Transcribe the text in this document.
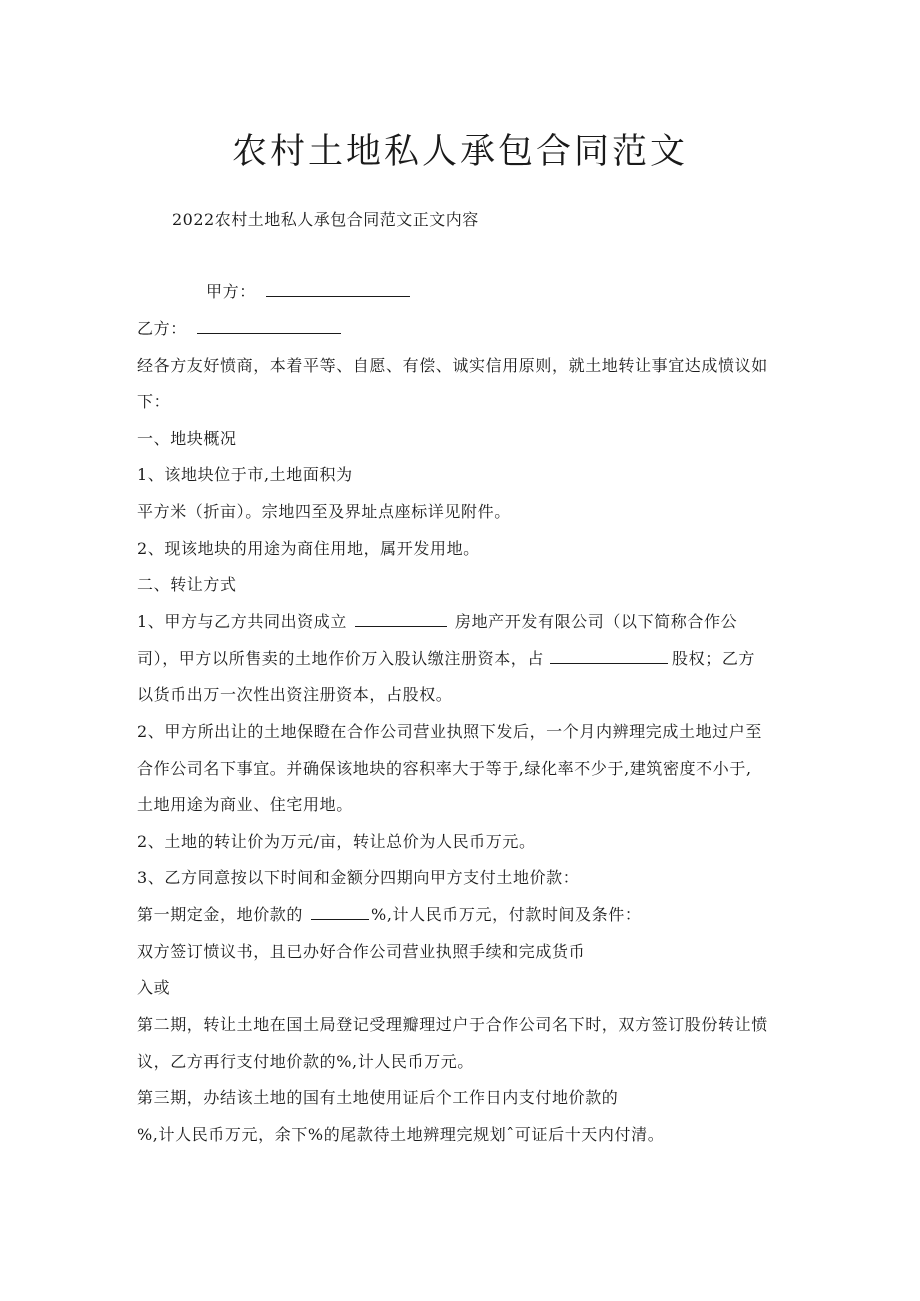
农村土地私人承包合同范文
2022农村土地私人承包合同范文正文内容
甲方：
乙方：
经各方友好愤商，本着平等、自愿、有偿、诚实信用原则，就土地转让事宜达成愤议如
下：
一、地块概况
1、该地块位于市,土地面积为
平方米（折亩）。宗地四至及界址点座标详见附件。
2、现该地块的用途为商住用地，属开发用地。
二、转让方式
1、甲方与乙方共同出资成立	房地产开发有限公司（以下简称合作公
司），甲方以所售卖的土地作价万入股认缴注册资本，占	股权；乙方
以货币出万一次性出资注册资本，占股权。
2、甲方所出让的土地保瞪在合作公司营业执照下发后，一个月内辨理完成土地过户至
合作公司名下事宜。并确保该地块的容积率大于等于,绿化率不少于,建筑密度不小于,
土地用途为商业、住宅用地。
2、土地的转让价为万元/亩，转让总价为人民币万元。
3、乙方同意按以下时间和金额分四期向甲方支付土地价款：
第一期定金，地价款的	%,计人民币万元，付款时间及条件：
双方签订愤议书，且已办好合作公司营业执照手续和完成货币
入或
第二期，转让土地在国土局登记受理瓣理过户于合作公司名下时，双方签订股份转让愤
议，乙方再行支付地价款的%,计人民币万元。
第三期，办结该土地的国有土地使用证后个工作日内支付地价款的
%,计人民币万元，余下%的尾款待土地辨理完规划ˆ可证后十天内付清。
